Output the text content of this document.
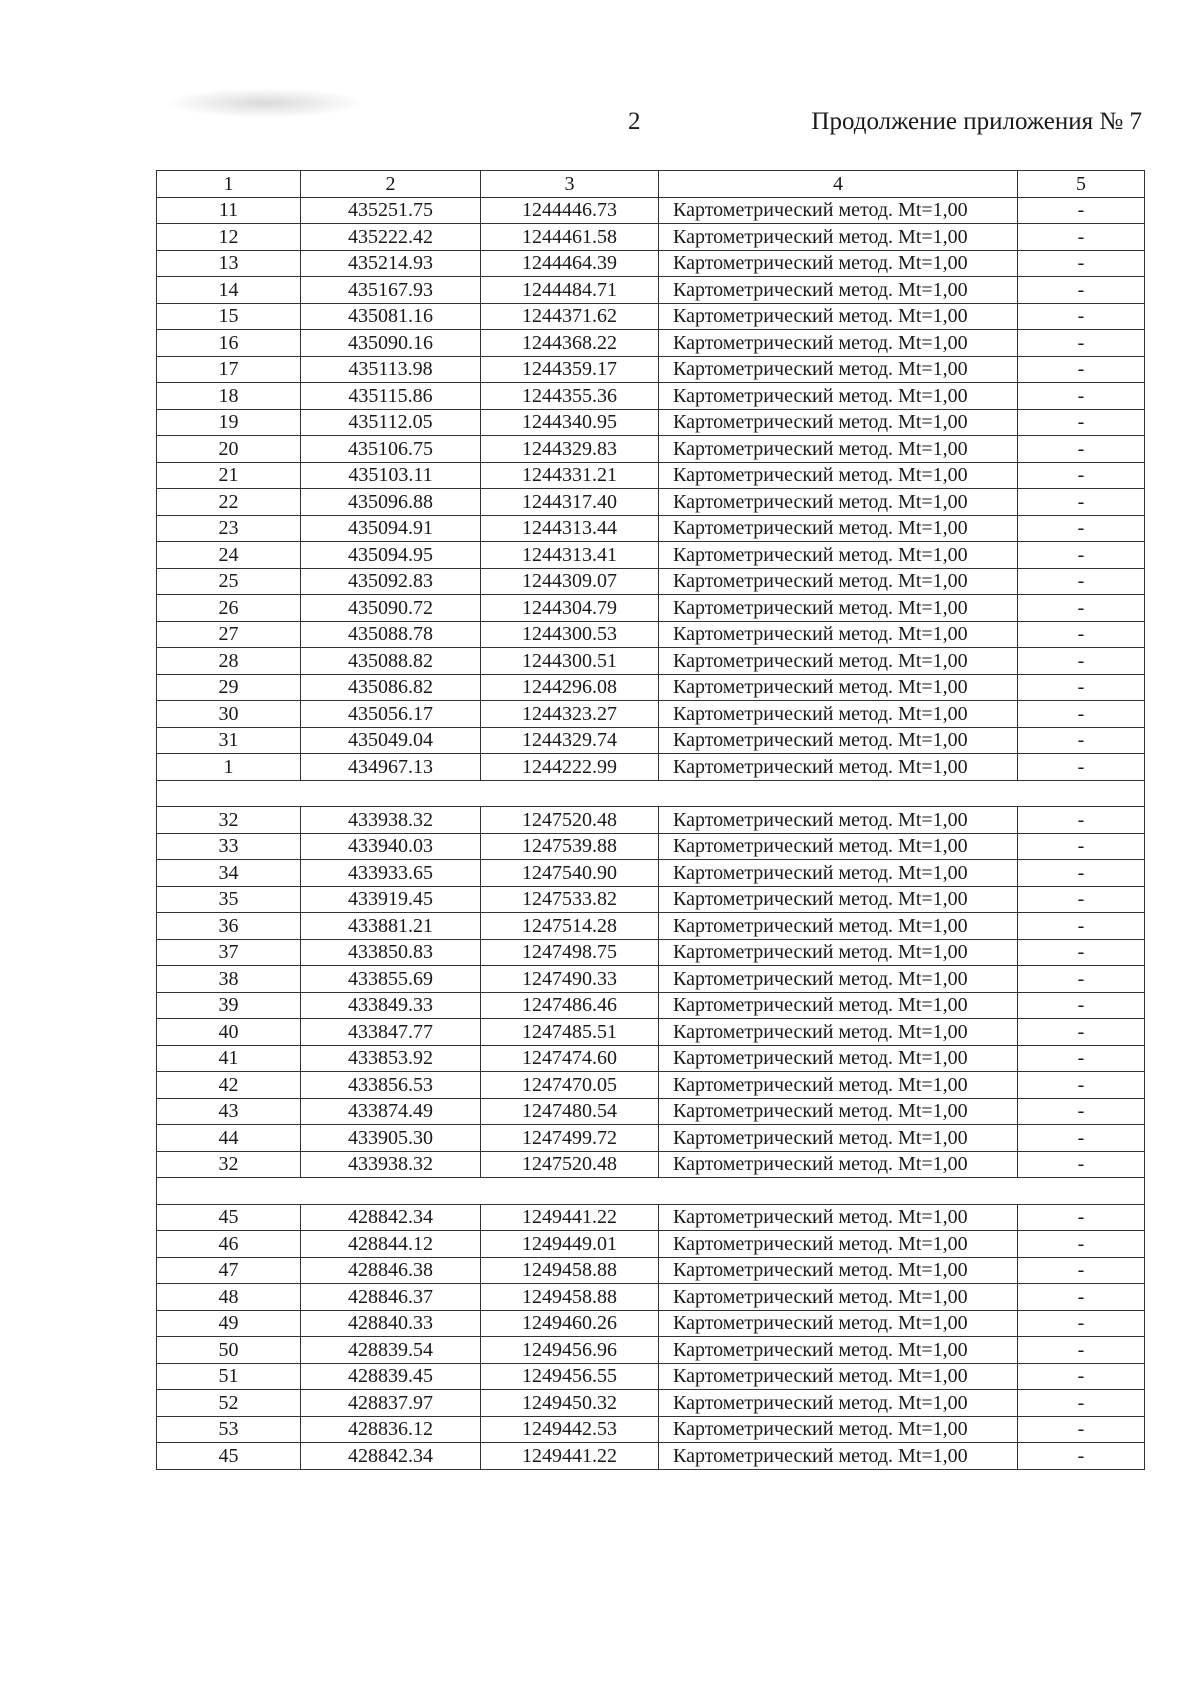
2	Продолжение приложения № 7
1	2	3	4	5
11	435251.75	1244446.73	Картометрический метод. Mt=1,00	-
12	435222.42	1244461.58	Картометрический метод. Mt=1,00	-
13	435214.93	1244464.39	Картометрический метод. Mt=1,00	-
14	435167.93	1244484.71	Картометрический метод. Mt=1,00	-
15	435081.16	1244371.62	Картометрический метод. Mt=1,00	-
16	435090.16	1244368.22	Картометрический метод. Mt=1,00	-
17	435113.98	1244359.17	Картометрический метод. Mt=1,00	-
18	435115.86	1244355.36	Картометрический метод. Mt=1,00	-
19	435112.05	1244340.95	Картометрический метод. Mt=1,00	-
20	435106.75	1244329.83	Картометрический метод. Mt=1,00	-
21	435103.11	1244331.21	Картометрический метод. Mt=1,00	-
22	435096.88	1244317.40	Картометрический метод. Mt=1,00	-
23	435094.91	1244313.44	Картометрический метод. Mt=1,00	-
24	435094.95	1244313.41	Картометрический метод. Mt=1,00	-
25	435092.83	1244309.07	Картометрический метод. Mt=1,00	-
26	435090.72	1244304.79	Картометрический метод. Mt=1,00	-
27	435088.78	1244300.53	Картометрический метод. Mt=1,00	-
28	435088.82	1244300.51	Картометрический метод. Mt=1,00	-
29	435086.82	1244296.08	Картометрический метод. Mt=1,00	-
30	435056.17	1244323.27	Картометрический метод. Mt=1,00	-
31	435049.04	1244329.74	Картометрический метод. Mt=1,00	-
1	434967.13	1244222.99	Картометрический метод. Mt=1,00	-

32	433938.32	1247520.48	Картометрический метод. Mt=1,00	-
33	433940.03	1247539.88	Картометрический метод. Mt=1,00	-
34	433933.65	1247540.90	Картометрический метод. Mt=1,00	-
35	433919.45	1247533.82	Картометрический метод. Mt=1,00	-
36	433881.21	1247514.28	Картометрический метод. Mt=1,00	-
37	433850.83	1247498.75	Картометрический метод. Mt=1,00	-
38	433855.69	1247490.33	Картометрический метод. Mt=1,00	-
39	433849.33	1247486.46	Картометрический метод. Mt=1,00	-
40	433847.77	1247485.51	Картометрический метод. Mt=1,00	-
41	433853.92	1247474.60	Картометрический метод. Mt=1,00	-
42	433856.53	1247470.05	Картометрический метод. Mt=1,00	-
43	433874.49	1247480.54	Картометрический метод. Mt=1,00	-
44	433905.30	1247499.72	Картометрический метод. Mt=1,00	-
32	433938.32	1247520.48	Картометрический метод. Mt=1,00	-

45	428842.34	1249441.22	Картометрический метод. Mt=1,00	-
46	428844.12	1249449.01	Картометрический метод. Mt=1,00	-
47	428846.38	1249458.88	Картометрический метод. Mt=1,00	-
48	428846.37	1249458.88	Картометрический метод. Mt=1,00	-
49	428840.33	1249460.26	Картометрический метод. Mt=1,00	-
50	428839.54	1249456.96	Картометрический метод. Mt=1,00	-
51	428839.45	1249456.55	Картометрический метод. Mt=1,00	-
52	428837.97	1249450.32	Картометрический метод. Mt=1,00	-
53	428836.12	1249442.53	Картометрический метод. Mt=1,00	-
45	428842.34	1249441.22	Картометрический метод. Mt=1,00	-
